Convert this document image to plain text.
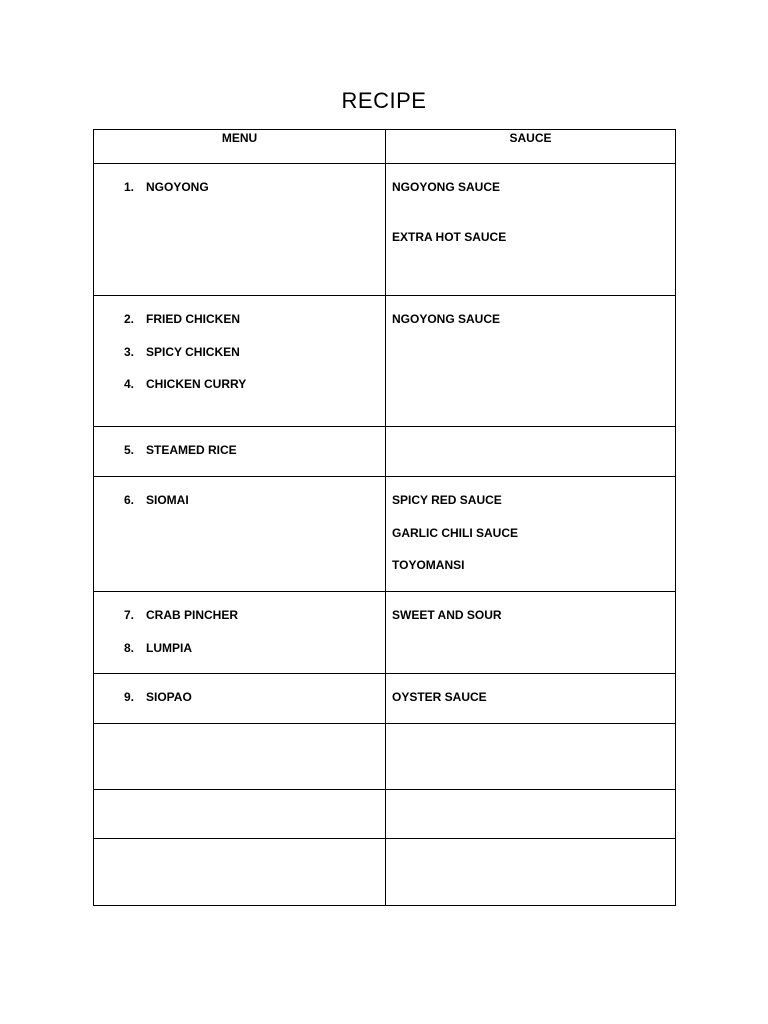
RECIPE
MENU	SAUCE

1. NGOYONG	NGOYONG SAUCE
EXTRA HOT SAUCE

2. FRIED CHICKEN
3. SPICY CHICKEN
4. CHICKEN CURRY	NGOYONG SAUCE

5. STEAMED RICE	

6. SIOMAI	SPICY RED SAUCE
GARLIC CHILI SAUCE
TOYOMANSI

7. CRAB PINCHER
8. LUMPIA	SWEET AND SOUR

9. SIOPAO	OYSTER SAUCE
